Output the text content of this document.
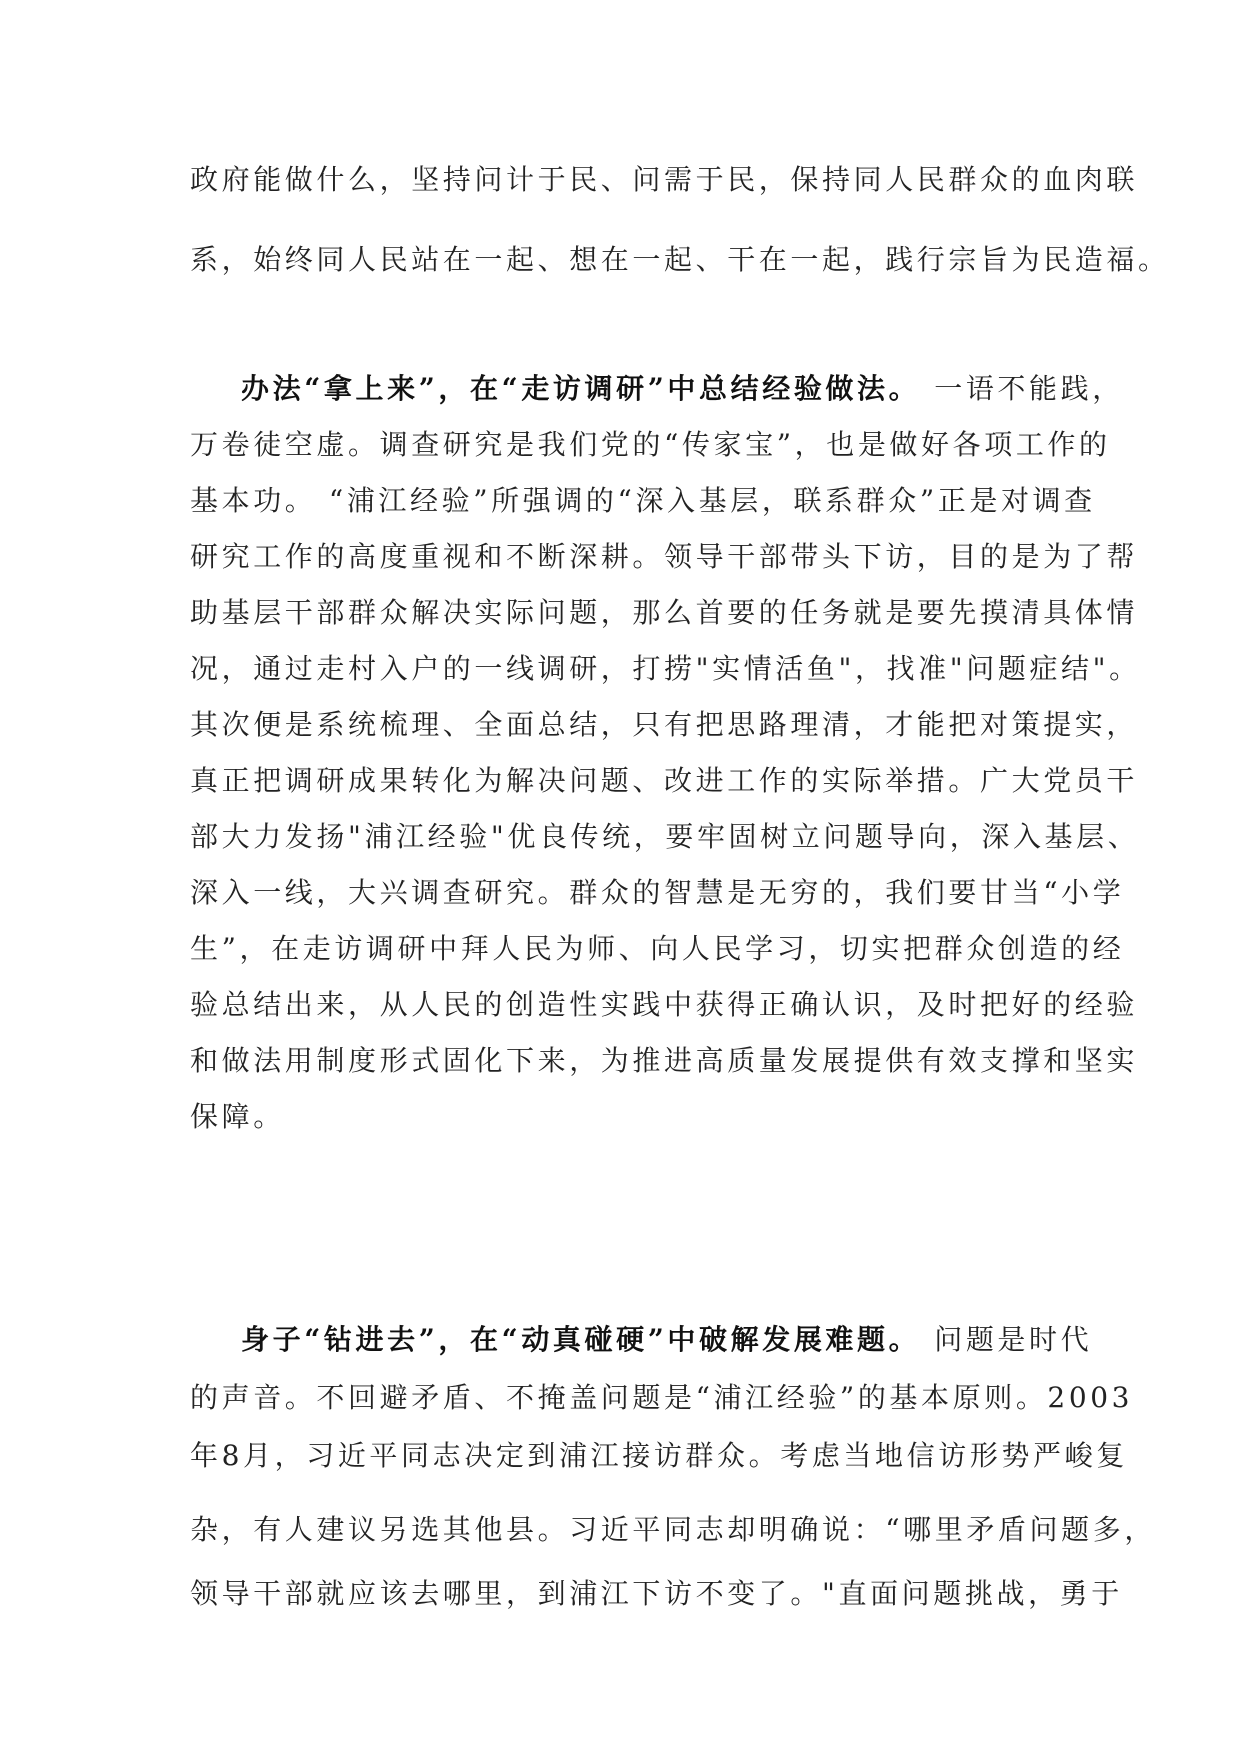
政府能做什么，坚持问计于民、问需于民，保持同人民群众的血肉联
系，始终同人民站在一起、想在一起、干在一起，践行宗旨为民造福。
办法“拿上来”，在“走访调研”中总结经验做法。 一语不能践，
万卷徒空虚。调查研究是我们党的“传家宝”，也是做好各项工作的
基本功。 “浦江经验”所强调的“深入基层，联系群众”正是对调查
研究工作的高度重视和不断深耕。领导干部带头下访，目的是为了帮
助基层干部群众解决实际问题，那么首要的任务就是要先摸清具体情
况，通过走村入户的一线调研，打捞"实情活鱼"，找准"问题症结"。
其次便是系统梳理、全面总结，只有把思路理清，才能把对策提实，
真正把调研成果转化为解决问题、改进工作的实际举措。广大党员干
部大力发扬"浦江经验"优良传统，要牢固树立问题导向，深入基层、
深入一线，大兴调查研究。群众的智慧是无穷的，我们要甘当“小学
生”，在走访调研中拜人民为师、向人民学习，切实把群众创造的经
验总结出来，从人民的创造性实践中获得正确认识，及时把好的经验
和做法用制度形式固化下来，为推进高质量发展提供有效支撑和坚实
保障。
身子“钻进去”，在“动真碰硬”中破解发展难题。 问题是时代
的声音。不回避矛盾、不掩盖问题是“浦江经验”的基本原则。2003
年8月，习近平同志决定到浦江接访群众。考虑当地信访形势严峻复
杂，有人建议另选其他县。习近平同志却明确说：“哪里矛盾问题多，
领导干部就应该去哪里，到浦江下访不变了。"直面问题挑战，勇于
